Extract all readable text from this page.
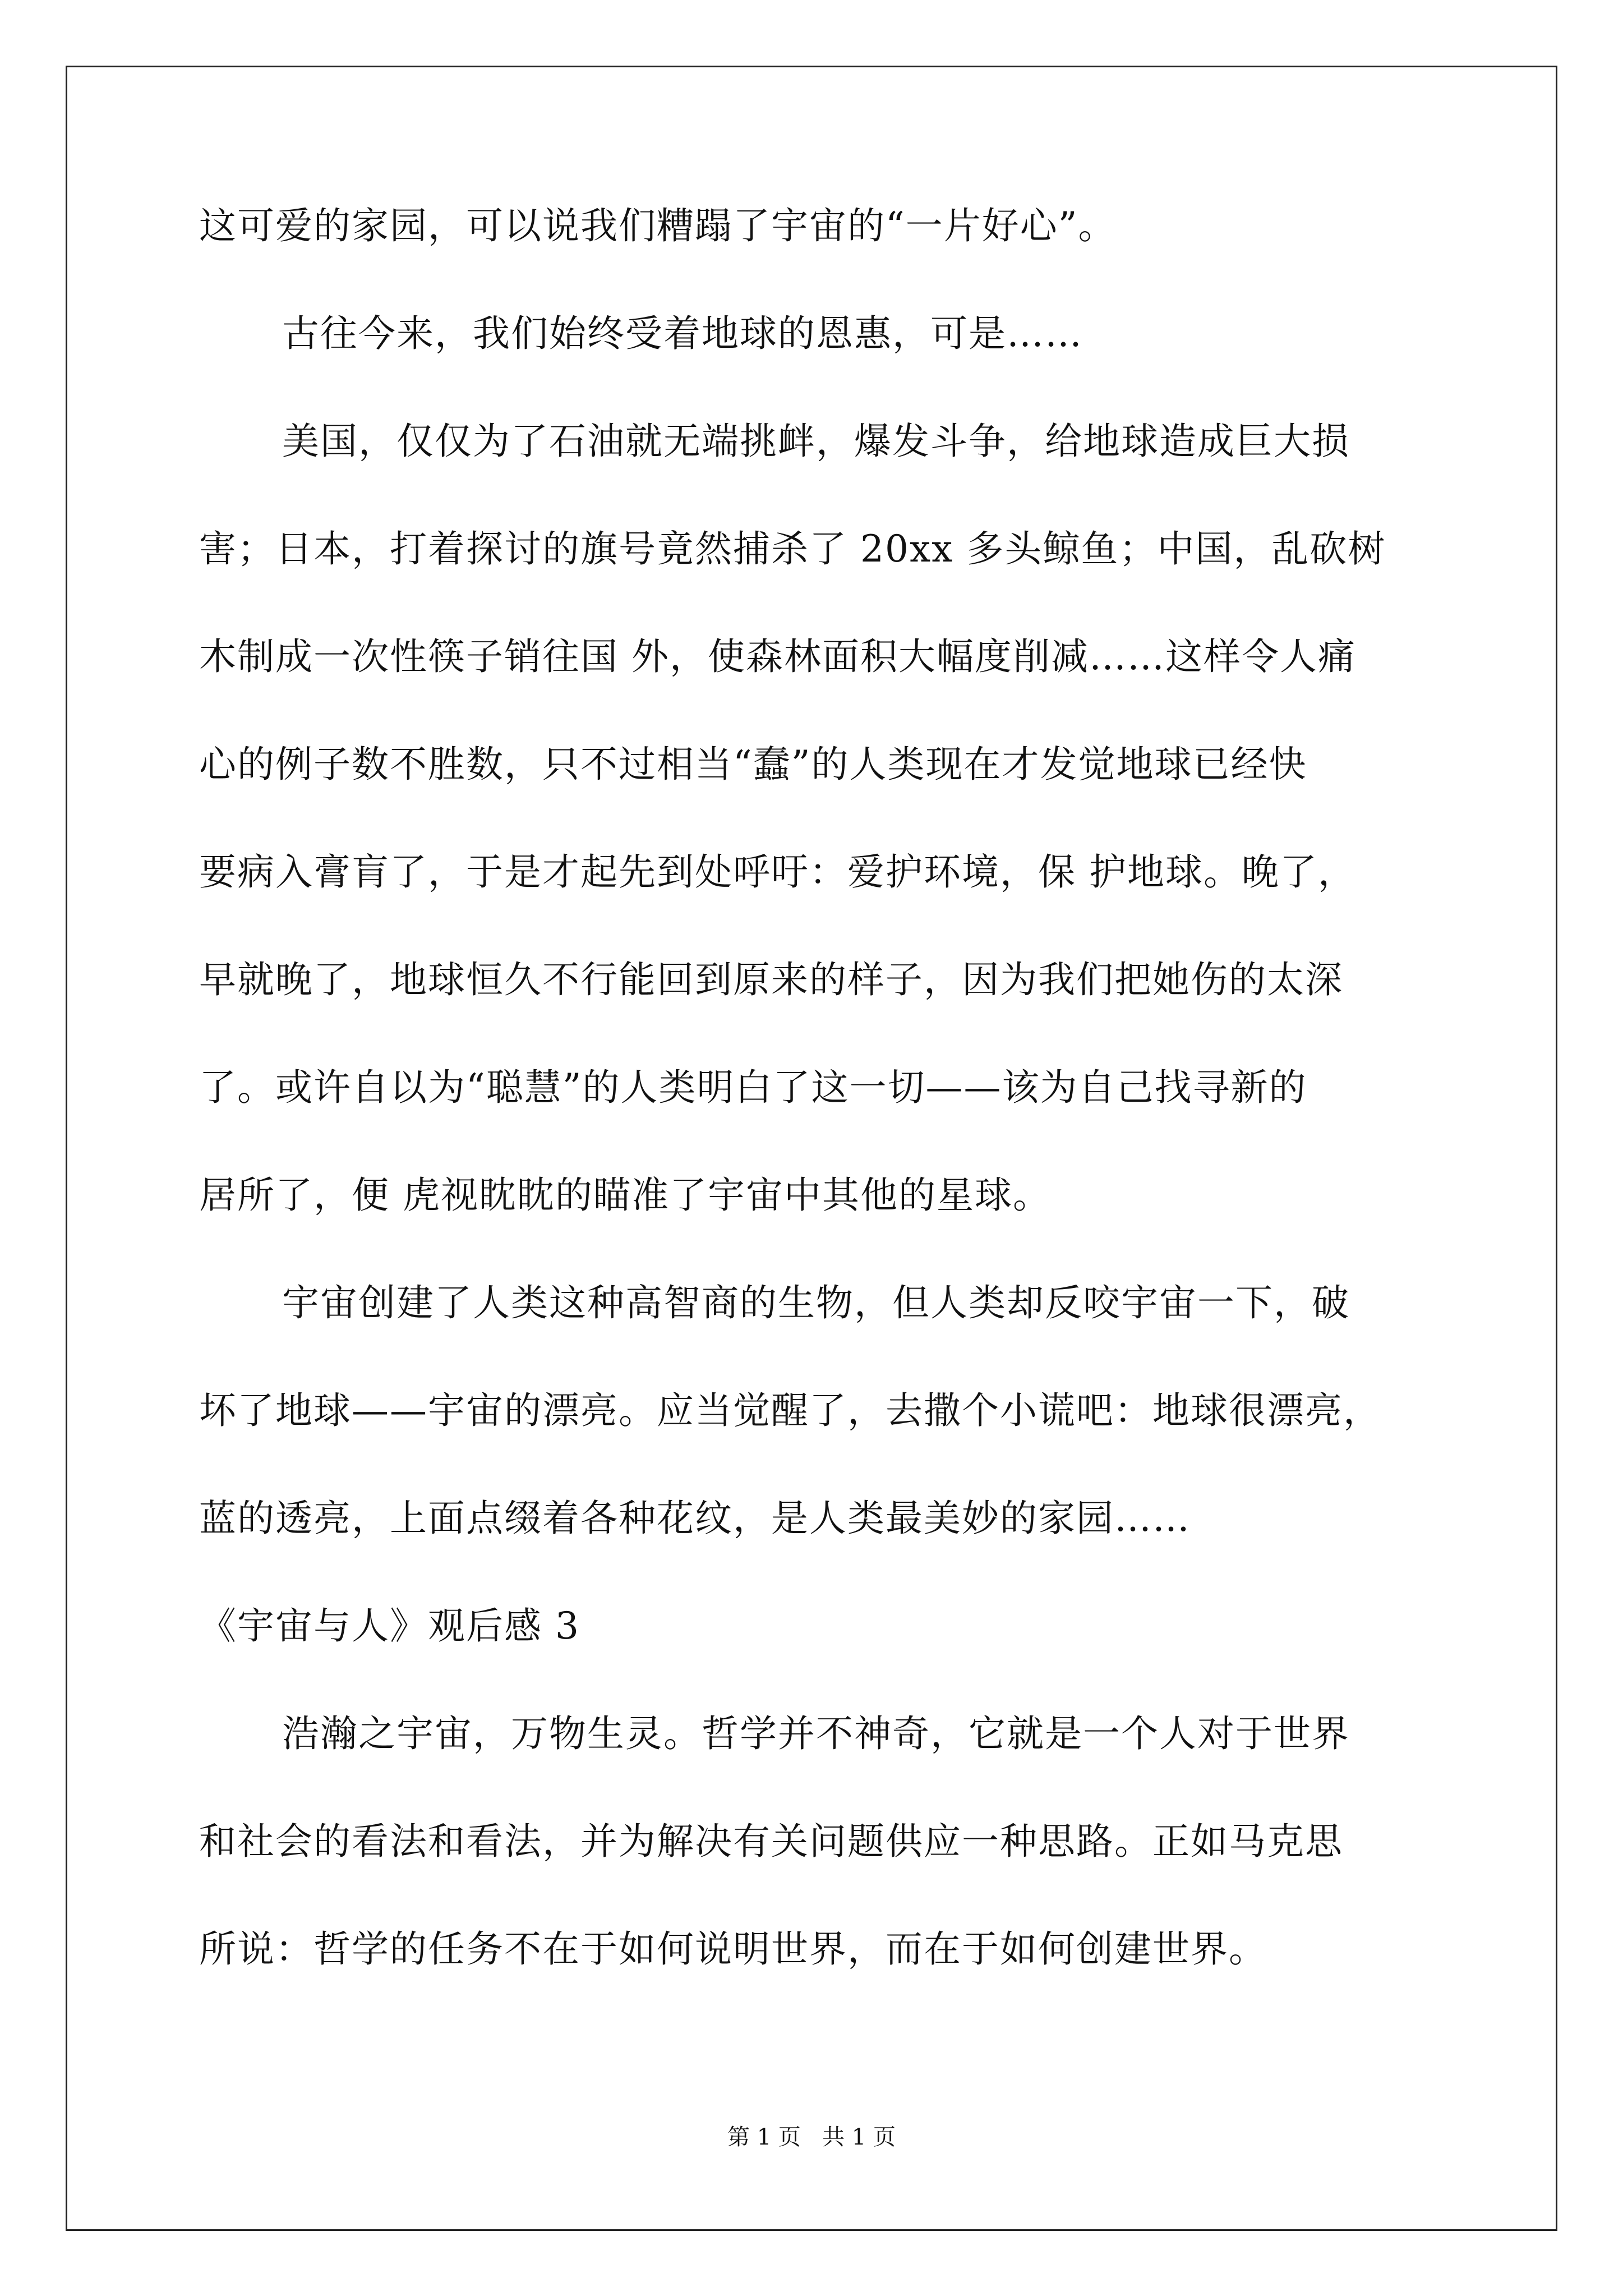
这可爱的家园，可以说我们糟蹋了宇宙的“一片好心”。
古往今来，我们始终受着地球的恩惠，可是……
美国，仅仅为了石油就无端挑衅，爆发斗争，给地球造成巨大损
害；日本，打着探讨的旗号竟然捕杀了 20xx 多头鲸鱼；中国，乱砍树
木制成一次性筷子销往国 外，使森林面积大幅度削减……这样令人痛
心的例子数不胜数，只不过相当“蠢”的人类现在才发觉地球已经快
要病入膏肓了，于是才起先到处呼吁：爱护环境，保 护地球。晚了，
早就晚了，地球恒久不行能回到原来的样子，因为我们把她伤的太深
了。或许自以为“聪慧”的人类明白了这一切——该为自己找寻新的
居所了，便 虎视眈眈的瞄准了宇宙中其他的星球。
宇宙创建了人类这种高智商的生物，但人类却反咬宇宙一下，破
坏了地球——宇宙的漂亮。应当觉醒了，去撒个小谎吧：地球很漂亮，
蓝的透亮，上面点缀着各种花纹，是人类最美妙的家园……
《宇宙与人》观后感 3
浩瀚之宇宙，万物生灵。哲学并不神奇，它就是一个人对于世界
和社会的看法和看法，并为解决有关问题供应一种思路。正如马克思
所说：哲学的任务不在于如何说明世界，而在于如何创建世界。
第 1 页 共 1 页
